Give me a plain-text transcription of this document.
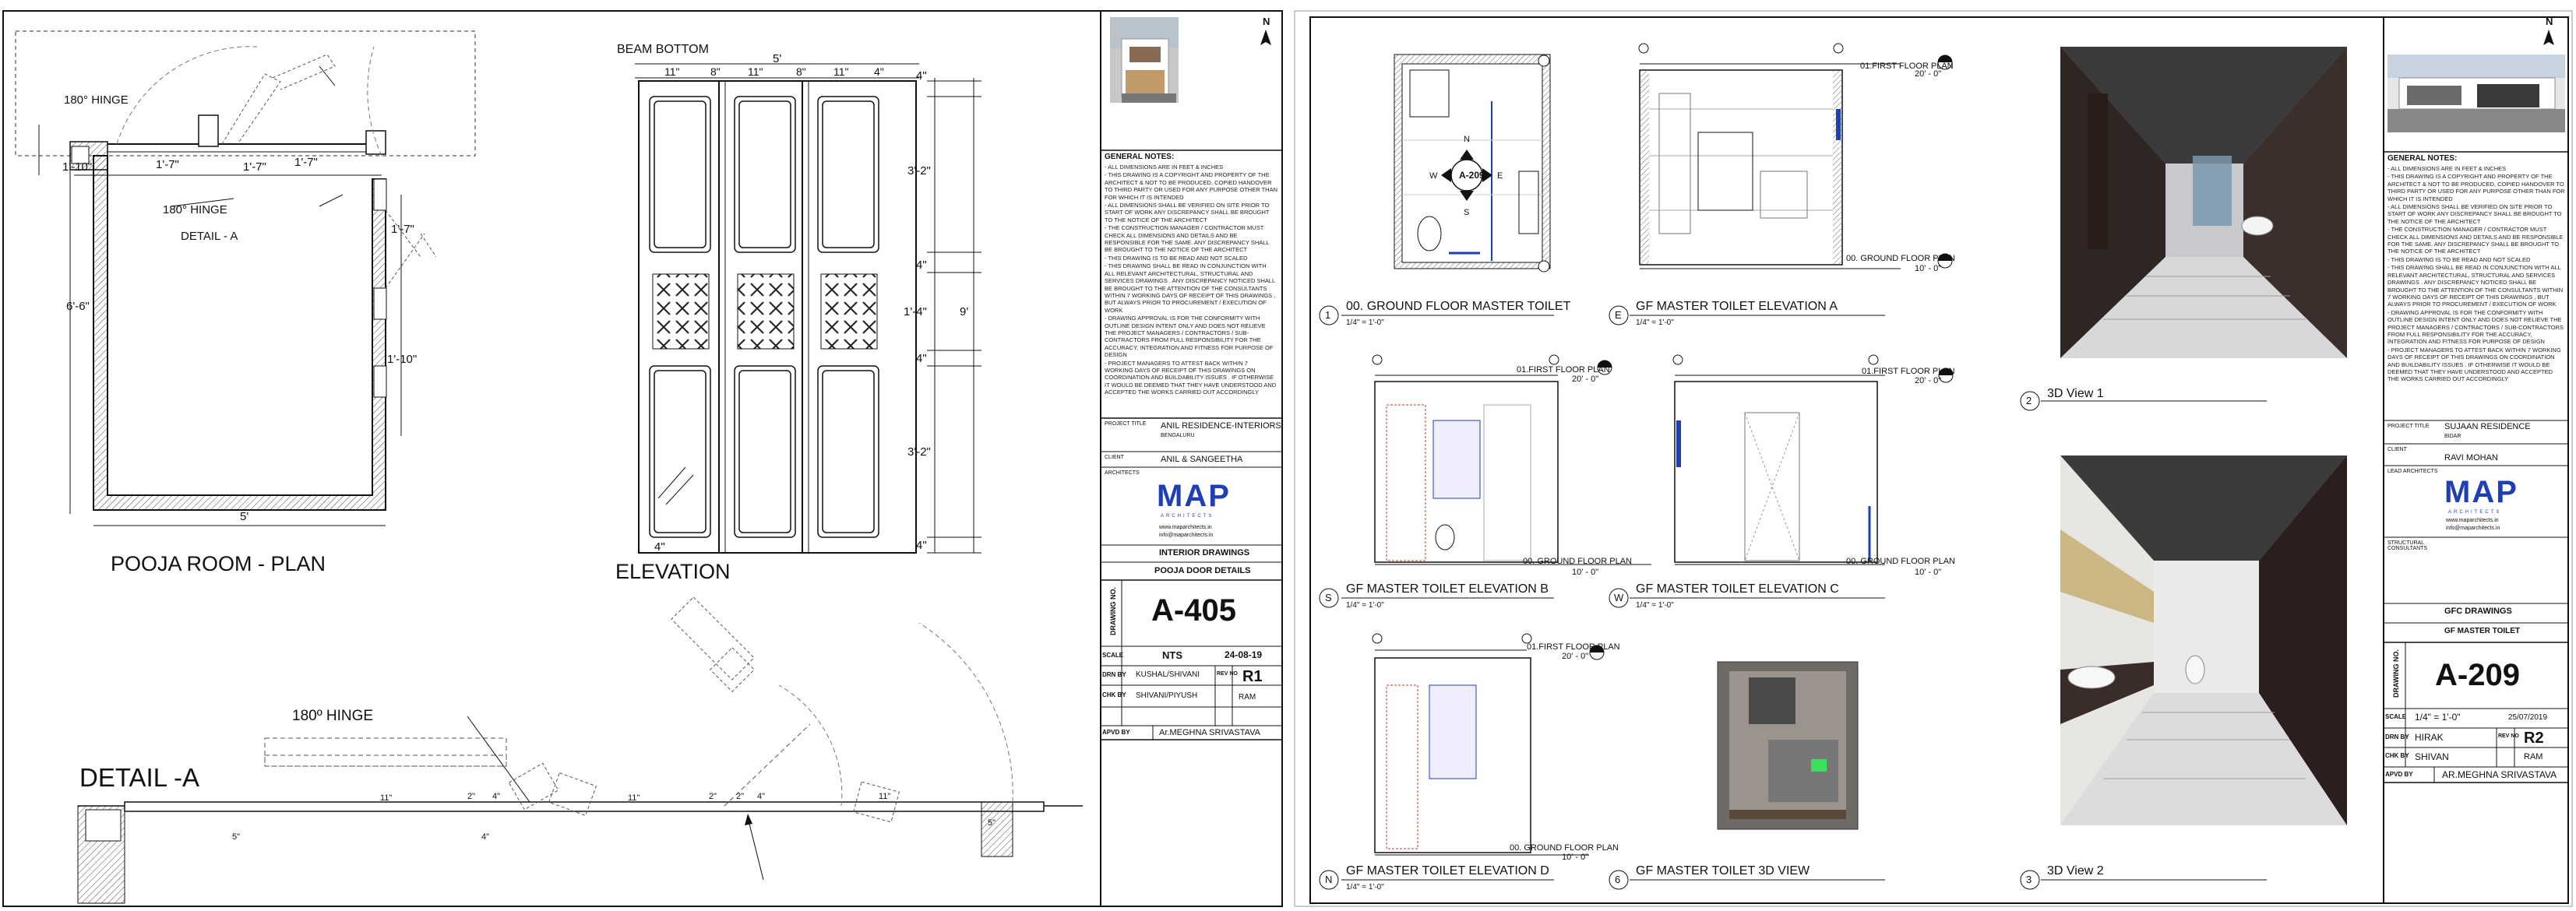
180° HINGE
180° HINGE
DETAIL - A
1'-10"	1'-7"	1'-7" 1'-7"
1'-7"
1'-10"
6'-6"
5'
POOJA ROOM - PLAN
BEAM BOTTOM
5'
11"	8"	11"	8"	11" 4"	4"
3'-2"
4"
1'-4"	9'
4"
3'-2"
4"
4"
ELEVATION
180º HINGE
DETAIL -A
11"	11"	11"
2" 4"	2" 2" 4"
4"
5"
5"
N
GENERAL NOTES:
- ALL DIMENSIONS ARE IN FEET & INCHES
- THIS DRAWING IS A COPYRIGHT AND PROPERTY OF THE ARCHITECT & NOT TO BE PRODUCED, COPIED HANDOVER TO THIRD PARTY OR USED FOR ANY PURPOSE OTHER THAN FOR WHICH IT IS INTENDED
- ALL DIMENSIONS SHALL BE VERIFIED ON SITE PRIOR TO START OF WORK ANY DISCREPANCY SHALL BE BROUGHT TO THE NOTICE OF THE ARCHITECT
- THE CONSTRUCTION MANAGER / CONTRACTOR MUST CHECK ALL DIMENSIONS AND DETAILS AND BE RESPONSIBLE FOR THE SAME. ANY DISCREPANCY SHALL BE BROUGHT TO THE NOTICE OF THE ARCHITECT
- THIS DRAWING IS TO BE READ AND NOT SCALED
- THIS DRAWING SHALL BE READ IN CONJUNCTION WITH ALL RELEVANT ARCHITECTURAL, STRUCTURAL AND SERVICES DRAWINGS . ANY DISCREPANCY NOTICED SHALL BE BROUGHT TO THE ATTENTION OF THE CONSULTANTS WITHIN 7 WORKING DAYS OF RECEIPT OF THIS DRAWINGS , BUT ALWAYS PRIOR TO PROCUREMENT / EXECUTION OF WORK
- DRAWING APPROVAL IS FOR THE CONFORMITY WITH OUTLINE DESIGN INTENT ONLY AND DOES NOT RELIEVE THE PROJECT MANAGERS / CONTRACTORS / SUB-CONTRACTORS FROM FULL RESPONSIBILITY FOR THE ACCURACY, INTEGRATION AND FITNESS FOR PURPOSE OF DESIGN
- PROJECT MANAGERS TO ATTEST BACK WITHIN 7 WORKING DAYS OF RECEIPT OF THIS DRAWINGS ON COORDINATION AND BUILDABILITY ISSUES . IF OTHERWISE IT WOULD BE DEEMED THAT THEY HAVE UNDERSTOOD AND ACCEPTED THE WORKS CARRIED OUT ACCORDINGLY
PROJECT TITLE ANIL RESIDENCE-INTERIORS
BENGALURU
CLIENT	ANIL & SANGEETHA
ARCHITECTS
MAP
ARCHITECTS
www.maparchitects.in
info@maparchitects.in
INTERIOR DRAWINGS
POOJA DOOR DETAILS
DRAWING NO. A-405
SCALE	NTS	24-08-19
DRN BY KUSHAL/SHIVANI	REV NO R1
CHK BY SHIVANI/PIYUSH	RAM
APVD BY	Ar.MEGHNA SRIVASTAVA
A-209
N
S
E
W
01.FIRST FLOOR PLAN
20' - 0"
00. GROUND FLOOR PLAN
10' - 0"
01.FIRST FLOOR PLAN
20' - 0"
00. GROUND FLOOR PLAN
10' - 0"
01.FIRST FLOOR PLAN
20' - 0"
00. GROUND FLOOR PLAN
10' - 0"
01.FIRST FLOOR PLAN
20' - 0"
00. GROUND FLOOR PLAN
10' - 0"
N
1
00. GROUND FLOOR MASTER TOILET
1/4" = 1'-0"
E
GF MASTER TOILET ELEVATION A
1/4" = 1'-0"
S
GF MASTER TOILET ELEVATION B
1/4" = 1'-0"
W
GF MASTER TOILET ELEVATION C
1/4" = 1'-0"
N
GF MASTER TOILET ELEVATION D
1/4" = 1'-0"
6
GF MASTER TOILET 3D VIEW
2
3D View 1
3
3D View 2
GENERAL NOTES:
- ALL DIMENSIONS ARE IN FEET & INCHES
- THIS DRAWING IS A COPYRIGHT AND PROPERTY OF THE ARCHITECT & NOT TO BE PRODUCED, COPIED HANDOVER TO THIRD PARTY OR USED FOR ANY PURPOSE OTHER THAN FOR WHICH IT IS INTENDED
- ALL DIMENSIONS SHALL BE VERIFIED ON SITE PRIOR TO START OF WORK ANY DISCREPANCY SHALL BE BROUGHT TO THE NOTICE OF THE ARCHITECT
- THE CONSTRUCTION MANAGER / CONTRACTOR MUST CHECK ALL DIMENSIONS AND DETAILS AND BE RESPONSIBLE FOR THE SAME. ANY DISCREPANCY SHALL BE BROUGHT TO THE NOTICE OF THE ARCHITECT
- THIS DRAWING IS TO BE READ AND NOT SCALED
- THIS DRAWING SHALL BE READ IN CONJUNCTION WITH ALL RELEVANT ARCHITECTURAL, STRUCTURAL AND SERVICES DRAWINGS . ANY DISCREPANCY NOTICED SHALL BE BROUGHT TO THE ATTENTION OF THE CONSULTANTS WITHIN 7 WORKING DAYS OF RECEIPT OF THIS DRAWINGS , BUT ALWAYS PRIOR TO PROCUREMENT / EXECUTION OF WORK
- DRAWING APPROVAL IS FOR THE CONFORMITY WITH OUTLINE DESIGN INTENT ONLY AND DOES NOT RELIEVE THE PROJECT MANAGERS / CONTRACTORS / SUB-CONTRACTORS FROM FULL RESPONSIBILITY FOR THE ACCURACY, INTEGRATION AND FITNESS FOR PURPOSE OF DESIGN
- PROJECT MANAGERS TO ATTEST BACK WITHIN 7 WORKING DAYS OF RECEIPT OF THIS DRAWINGS ON COORDINATION AND BUILDABILITY ISSUES . IF OTHERWISE IT WOULD BE DEEMED THAT THEY HAVE UNDERSTOOD AND ACCEPTED THE WORKS CARRIED OUT ACCORDINGLY
PROJECT TITLE SUJAAN RESIDENCE
BIDAR
CLIENT
RAVI MOHAN
LEAD ARCHITECTS
MAP
ARCHITECTS
www.maparchitects.in
info@maparchitects.in
STRUCTURAL CONSULTANTS
GFC DRAWINGS
GF MASTER TOILET
DRAWING NO. A-209
SCALE 1/4" = 1'-0"	25/07/2019
DRN BY HIRAK	REV NO R2
CHK BY SHIVAN	RAM
APVD BY	AR.MEGHNA SRIVASTAVA
